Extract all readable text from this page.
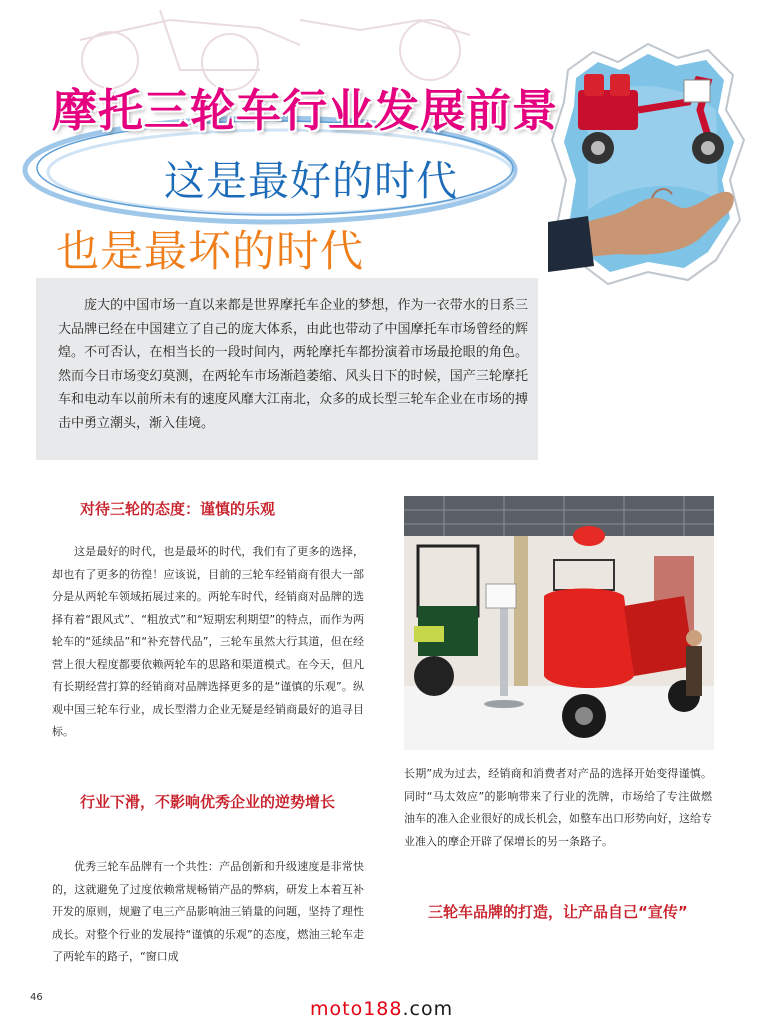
摩托三轮车行业发展前景
这是最好的时代
也是最坏的时代

庞大的中国市场一直以来都是世界摩托车企业的梦想，作为一衣带水的日系三大品牌已经在中国建立了自己的庞大体系，由此也带动了中国摩托车市场曾经的辉煌。不可否认，在相当长的一段时间内，两轮摩托车都扮演着市场最抢眼的角色。然而今日市场变幻莫测，在两轮车市场渐趋萎缩、风头日下的时候，国产三轮摩托车和电动车以前所未有的速度风靡大江南北，众多的成长型三轮车企业在市场的搏击中勇立潮头，渐入佳境。

对待三轮的态度：谨慎的乐观

这是最好的时代，也是最坏的时代，我们有了更多的选择，却也有了更多的彷徨！应该说，目前的三轮车经销商有很大一部分是从两轮车领域拓展过来的。两轮车时代，经销商对品牌的选择有着“跟风式”、“粗放式”和“短期宏利期望”的特点，而作为两轮车的“延续品”和“补充替代品”，三轮车虽然大行其道，但在经营上很大程度都要依赖两轮车的思路和渠道模式。在今天，但凡有长期经营打算的经销商对品牌选择更多的是“谨慎的乐观”。纵观中国三轮车行业，成长型潜力企业无疑是经销商最好的追寻目标。

行业下滑，不影响优秀企业的逆势增长

优秀三轮车品牌有一个共性：产品创新和升级速度是非常快的，这就避免了过度依赖常规畅销产品的弊病，研发上本着互补开发的原则，规避了电三产品影响油三销量的问题，坚持了理性成长。对整个行业的发展持“谨慎的乐观”的态度，燃油三轮车走了两轮车的路子，“窗口成

长期”成为过去，经销商和消费者对产品的选择开始变得谨慎。同时“马太效应”的影响带来了行业的洗牌，市场给了专注做燃油车的准入企业很好的成长机会，如整车出口形势向好，这给专业准入的摩企开辟了保增长的另一条路子。

三轮车品牌的打造，让产品自己“宣传”
46
moto188.com
